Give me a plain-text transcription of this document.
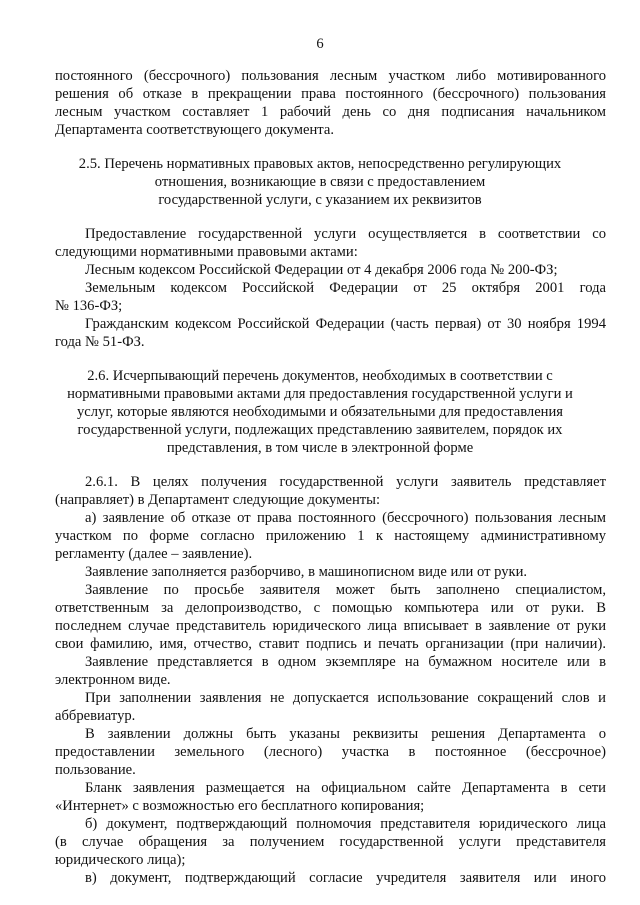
6
постоянного (бессрочного) пользования лесным участком либо мотивированного
решения об отказе в прекращении права постоянного (бессрочного) пользования
лесным участком составляет 1 рабочий день со дня подписания начальником
Департамента соответствующего документа.
2.5. Перечень нормативных правовых актов, непосредственно регулирующих
отношения, возникающие в связи с предоставлением
государственной услуги, с указанием их реквизитов
Предоставление государственной услуги осуществляется в соответствии со
следующими нормативными правовыми актами:
Лесным кодексом Российской Федерации от 4 декабря 2006 года № 200-ФЗ;
Земельным кодексом Российской Федерации от 25 октября 2001 года
№ 136-ФЗ;
Гражданским кодексом Российской Федерации (часть первая) от 30 ноября 1994
года № 51-ФЗ.
2.6. Исчерпывающий перечень документов, необходимых в соответствии с
нормативными правовыми актами для предоставления государственной услуги и
услуг, которые являются необходимыми и обязательными для предоставления
государственной услуги, подлежащих представлению заявителем, порядок их
представления, в том числе в электронной форме
2.6.1. В целях получения государственной услуги заявитель представляет
(направляет) в Департамент следующие документы:
а) заявление об отказе от права постоянного (бессрочного) пользования лесным
участком по форме согласно приложению 1 к настоящему административному
регламенту (далее – заявление).
Заявление заполняется разборчиво, в машинописном виде или от руки.
Заявление по просьбе заявителя может быть заполнено специалистом,
ответственным за делопроизводство, с помощью компьютера или от руки. В
последнем случае представитель юридического лица вписывает в заявление от руки
свои фамилию, имя, отчество, ставит подпись и печать организации (при наличии).
Заявление представляется в одном экземпляре на бумажном носителе или в
электронном виде.
При заполнении заявления не допускается использование сокращений слов и
аббревиатур.
В заявлении должны быть указаны реквизиты решения Департамента о
предоставлении земельного (лесного) участка в постоянное (бессрочное)
пользование.
Бланк заявления размещается на официальном сайте Департамента в сети
«Интернет» с возможностью его бесплатного копирования;
б) документ, подтверждающий полномочия представителя юридического лица
(в случае обращения за получением государственной услуги представителя
юридического лица);
в) документ, подтверждающий согласие учредителя заявителя или иного
